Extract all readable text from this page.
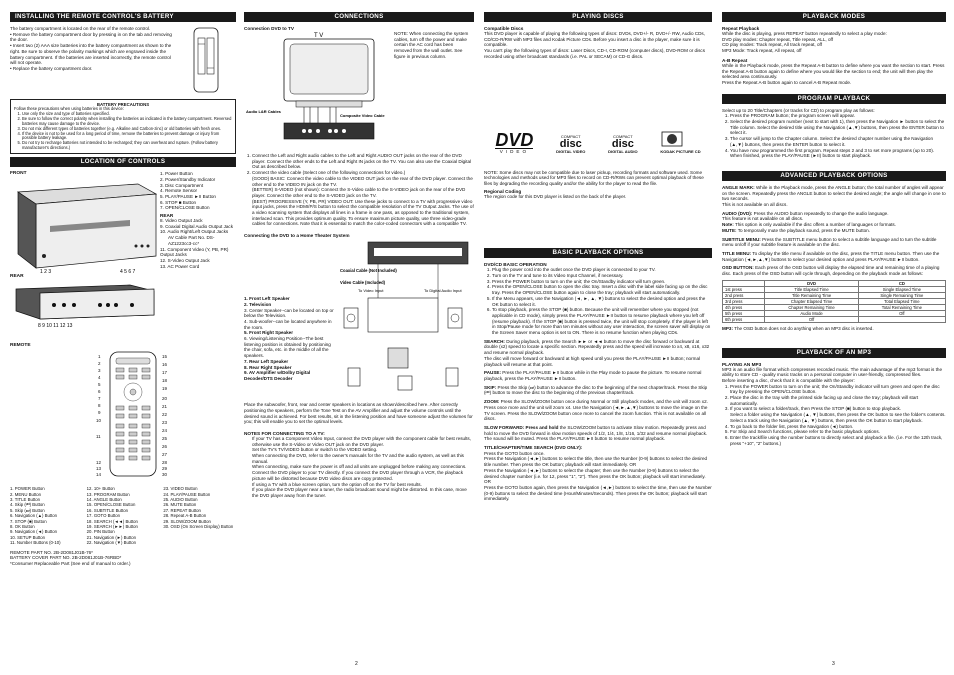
INSTALLING THE REMOTE CONTROL'S BATTERY

The battery compartment is located on the rear of the remote control.

• Remove the battery compartment door by pressing in on the tab and removing the door.

• Insert two (2) AAA size batteries into the battery compartment as shown to the right. Be sure to observe the polarity markings which are engraved inside the battery compartment. If the batteries are inserted incorrectly, the remote control will not operate.

• Replace the battery compartment door.

BATTERY PRECAUTIONS
Follow these precautions when using batteries in this device:
1. Use only the size and type of batteries specified.
2. Be sure to follow the correct polarity when installing the batteries as indicated in the battery compartment. Reversed batteries may cause damage to the device.
3. Do not mix different types of batteries together (e.g. Alkaline and Carbon-zinc) or old batteries with fresh ones.
4. If the device is not to be used for a long period of time, remove the batteries to prevent damage or injury from possible battery leakage.
5. Do not try to recharge batteries not intended to be recharged; they can overheat and rupture. (Follow battery manufacturer's directions.)
LOCATION OF CONTROLS
FRONT
1 2 3	4 5 6 7
REAR
8 9 10 11 12 13
1. Power Button
2. Power/Standby Indicator
3. Disc Compartment
4. Remote Sensor
5. PLAY/PAUSE ►II Button
6. STOP ■ Button
7. OPEN/CLOSE Button
REAR
8. Video Output Jack
9. Coaxial Digital Audio Output Jack
10. Audio Right/Left Output Jacks
AV Cable Part No. DS-AZ1223cc3-cc*
11. Component Video (Y, PB, PR) Output Jacks
12. S-Video Output Jack
13. AC Power Cord
REMOTE
1
2
3
4
5
6
7
8
9
10
11
12
13
14
15
16
17
18
19
20
21
22
23
24
25
26
27
28
29
30
1. POWER Button
2. MENU Button
3. TITLE Button
4. Skip (⏮) Button
5. Skip (⏭) Button
6. Navigation (▲) Button
7. STOP (■) Button
8. OK Button
9. Navigation (◄) Button
10. SETUP Button
11. Number Buttons (0-10)
12. 10+ Button
13. PROGRAM Button
14. ANGLE Button
15. OPEN/CLOSE Button
16. SUBTITLE Button
17. GOTO Button
18. SEARCH (◄◄) Button
19. SEARCH (►►) Button
20. PIN Button
21. Navigation (►) Button
22. Navigation (▼) Button
23. VIDEO Button
24. PLAY/PAUSE Button
25. AUDIO Button
26. MUTE Button
27. REPEAT Button
28. Repeat A-B Button
29. SLOW/ZOOM Button
30. OSD (On Screen Display) Button

REMOTE PART NO. 2B-2D081J01B-76*

BATTERY COVER PART NO. 2B-2D081J01B-76RBD*

*Consumer Replaceable Part (See end of manual to order.)

CONNECTIONS
Connection DVD to TV
T V
Audio L&R Cables
Composite Video Cable

NOTE: When connecting the system cables, turn off the power and make certain the AC cord has been removed from the wall outlet. See figure in previous column.

1. Connect the Left and Right audio cables to the Left and Right AUDIO OUT jacks on the rear of the DVD player. Connect the other ends to the Left and Right IN jacks on the TV. You can also use the Coaxial Digital Out as described below.
2. Connect the video cable (Select one of the following connections for video.)

(GOOD) BASIC: Connect the video cable to the VIDEO OUT jack on the rear of the DVD player. Connect the other end to the VIDEO IN jack on the TV.

(BETTER) S-VIDEO (not shown): Connect the S-Video cable to the S-VIDEO jack on the rear of the DVD player. Connect the other end to the S-VIDEO jack on the TV.

(BEST) PROGRESSIVE (Y, PB, PR) VIDEO OUT: Use these jacks to connect to a TV with progressive video input jacks, press the HDMI/P/S button to select the compatible resolution of the TV Output Jacks. The use of a video scanning system that displays all lines in a frame in one pass, as opposed to the traditional system, interlaced scan. This provides optimum quality. To ensure maximum picture quality, use three video-grade cables for connections. Note that it is essential to match the color-coded connectors with a compatible TV.

Connecting the DVD to a Home Theater System
1. Front Left Speaker
2. Television
3. Center Speaker--can be located on top or below the Television.
4. Sub-woofer--can be located anywhere in the room.
5. Front Right Speaker
6. Viewing/Listening Position--The best listening position is obtained by positioning the chair, sofa, etc. in the middle of all the speakers.
7. Rear Left Speaker
8. Rear Right Speaker
9. AV Amplifier w/Dolby Digital Decoder/DTS Decoder
Coaxial Cable (Not Included)
Video Cable (Included)
To Video Input	To Digital Audio Input

Place the subwoofer, front, rear and center speakers in locations as shown/described here. After correctly positioning the speakers, perform the Tone Test on the AV Amplifier and adjust the volume controls until the desired sound is achieved. For best results, sit in the listening position and have someone adjust the volumes for you; this will enable you to set the optimal levels.

NOTES FOR CONNECTING TO A TV:
• If your TV has a Component Video Input, connect the DVD player with the component cable for best results, otherwise use the S-Video or Video OUT jack on the DVD player.
• Set the TV's TV/VIDEO button or switch to the VIDEO setting.
• When connecting the DVD, refer to the owner's manuals for the TV and the audio system, as well as this manual.
• When connecting, make sure the power is off and all units are unplugged before making any connections.
• Connect the DVD player to your TV directly. If you connect the DVD player through a VCR, the playback picture will be distorted because DVD video discs are copy protected.
• If using a TV with a blue screen option, turn the option off on the TV for best results.
• If you place the DVD player near a tuner, the radio broadcast sound might be distorted. In this case, move the DVD player away from the tuner.
PLAYING DISCS
Compatible Discs

This DVD player is capable of playing the following types of discs: DVDs, DVD+/- R, DVD+/- RW, Audio CDs, CD/CD-R/RW with MP3 files and Kodak Picture CDs. Before you insert a disc in the player, make sure it is compatible.

You can't play the following types of discs: Laser Discs, CD-I, CD-ROM (computer discs), DVD-ROM or discs recorded using other broadcast standards (i.e. PAL or SECAM) or CD-G discs.

DVD
VIDEO
COMPACT
disc
DIGITAL VIDEO
COMPACT
disc
DIGITAL AUDIO	KODAK PICTURE CD

NOTE: Some discs may not be compatible due to laser pickup, recording formats and software used. Some technologies and methods used for MP3 files to record on CD-R/RWs can prevent optimal playback of these files by degrading the recording quality and/or the ability for the player to read the file.

Regional Coding

The region code for this DVD player is listed on the back of the player.

BASIC PLAYBACK OPTIONS
DVD/CD BASIC OPERATION
1. Plug the power cord into the outlet once the DVD player is connected to your TV.
2. Turn on the TV and tune to its Video Input Channel, if necessary.
3. Press the POWER button to turn on the unit; the On/Standby indicator will turn green.
4. Press the OPEN/CLOSE button to open the disc tray. Insert a disc with the label side facing up on the disc tray. Press the OPEN/CLOSE button again to close the tray; playback will start automatically.
5. If the Menu appears, use the Navigation (◄, ►, ▲, ▼) buttons to select the desired option and press the OK button to select it.
6. To stop playback, press the STOP (■) button. Because the unit will remember where you stopped (not applicable in CD mode), simply press the PLAY/PAUSE ►II button to resume playback where you left off (resume playback). If the STOP (■) button is pressed twice, the unit will stop completely. If the player is left in Stop/Pause mode for more than ten minutes without any user interaction, the screen saver will display on the Screen Saver menu option is set to ON. There is no resume function when playing CDs.

SEARCH: During playback, press the Search ►► or ◄◄ button to move the disc forward or backward at double (x2) speed to locate a specific section. Repeatedly press and the speed will increase to x4, x8, x16, x32 and resume normal playback.

The disc will move forward or backward at high speed until you press the PLAY/PAUSE ►II button; normal playback will resume at that point.

PAUSE: Press the PLAY/PAUSE ►II button while in the Play mode to pause the picture. To resume normal playback, press the PLAY/PAUSE ►II button.

SKIP: Press the Skip (⏭) button to advance the disc to the beginning of the next chapter/track. Press the Skip (⏮) button to move the disc to the beginning of the previous chapter/track.

ZOOM: Press the SLOW/ZOOM button once during Normal or Still playback modes, and the unit will zoom x2. Press once more and the unit will zoom x4. Use the Navigation (◄,►,▲,▼) buttons to move the image on the TV screen. Press the SLOW/ZOOM button once more to cancel the zoom function. This is not available on all discs.

SLOW FORWARD: Press and hold the SLOW/ZOOM button to activate Slow motion. Repeatedly press and hold to move the DVD forward in slow motion speeds of 1/2, 1/4, 1/8, 1/16, 1/32 and resume normal playback. The sound will be muted. Press the PLAY/PAUSE ►II button to resume normal playback.

TITLE/CHAPTER/TIME SEARCH (DVD ONLY):

Press the GOTO button once.

Press the Navigation (◄,►) buttons to select the title, then use the Number (0-9) buttons to select the desired title number. Then press the OK button; playback will start immediately. OR

Press the Navigation (◄,►) buttons to select the chapter; then use the Number (0-9) buttons to select the desired chapter number (i.e. for 12, press "1", "2"). Then press the OK button; playback will start immediately. OR

Press the GOTO button again, then press the Navigation (◄,►) buttons to select the time, then use the Number (0-9) buttons to select the desired time (Hour/Minutes/Seconds). Then press the OK button; playback will start immediately.

PLAYBACK MODES
Repeat Playback

While the disc is playing, press REPEAT button repeatedly to select a play mode:

DVD play modes: Chapter repeat, Title repeat, ALL, off

CD play modes: Track repeat, All track repeat, off

MP3 Mode: Track repeat, All repeat, off

A-B Repeat

While in the Playback mode, press the Repeat A-B button to define where you want the section to start. Press the Repeat A-B button again to define where you would like the section to end; the unit will then play the selected area continuously.

Press the Repeat A-B button again to cancel A-B Repeat mode.

PROGRAM PLAYBACK

Select up to 20 Title/Chapters (or tracks for CD) to program play as follows:

1. Press the PROGRAM button; the program screen will appear.
2. Select the desired program number (next to start with 1), then press the Navigation ► button to select the Title column. Select the desired title using the Navigation (▲,▼) buttons, then press the ENTER button to select it.
3. The cursor will jump to the Chapter column. Select the desired chapter number using the Navigation (▲,▼) buttons, then press the ENTER button to select it.
4. You have now programmed the first program. Repeat steps 2 and 3 to set more programs (up to 20). When finished, press the PLAY/PAUSE (►II) button to start playback.
ADVANCED PLAYBACK OPTIONS

ANGLE MARK: While in the Playback mode, press the ANGLE button; the total number of angles will appear on the screen. Repeatedly press the ANGLE button to select the desired angle; the angle will change in one to two seconds.

This is not available on all discs.

AUDIO (DVD): Press the AUDIO button repeatedly to change the audio language.

This feature is not available on all discs.

Note: This option is only available if the disc offers a number of languages or formats.

MUTE: To temporarily mute the playback sound, press the MUTE button.

SUBTITLE MENU: Press the SUBTITLE menu button to select a subtitle language and to turn the subtitle menu on/off if your subtitle feature is available on the disc.

TITLE MENU: To display the title menu if available on the disc, press the TITLE menu button. Then use the Navigation (◄,►,▲,▼) buttons to select your desired option and press PLAY/PAUSE ►II button.

OSD BUTTON: Each press of the OSD button will display the elapsed time and remaining time of a playing disc. Each press of the OSD button will cycle through, depending on the playback mode as follows:

	DVD	CD
1st press	Title Elapsed Time	Single Elapsed Time
2nd press	Title Remaining Time	Single Remaining Time
3rd press	Chapter Elapsed Time	Total Elapsed Time
4th press	Chapter Remaining Time	Total Remaining Time
5th press	Audio Mode	Off
6th press	Off	

MP3: The OSD button does not do anything when an MP3 disc is inserted.

PLAYBACK OF AN MP3
PLAYING AN MP3

MP3 is an audio file format which compresses recorded music. The main advantage of the mp3 format is the ability to store CD - quality music tracks on a personal computer in user-friendly, compressed files.

Before inserting a disc, check that it is compatible with the player:

1. Press the POWER button to turn on the unit; the On/Standby indicator will turn green and open the disc tray by pressing the OPEN/CLOSE button.
2. Place the disc in the tray with the printed side facing up and close the tray; playback will start automatically.
3. If you want to select a folder/track, then Press the STOP (■) button to stop playback.
Select a folder using the Navigation (▲, ▼) buttons, then press the OK button to see the folder's contents.
Select a track using the Navigation (▲, ▼) buttons, then press the OK button to start playback.
4. To go back to the folder list, press the Navigation (◄) button.
5. For Skip and Search functions, please refer to the basic playback options.
6. Enter the track/file using the number buttons to directly select and playback a file. (i.e. For the 12th track, press "+10", "2" buttons.)
2	3
